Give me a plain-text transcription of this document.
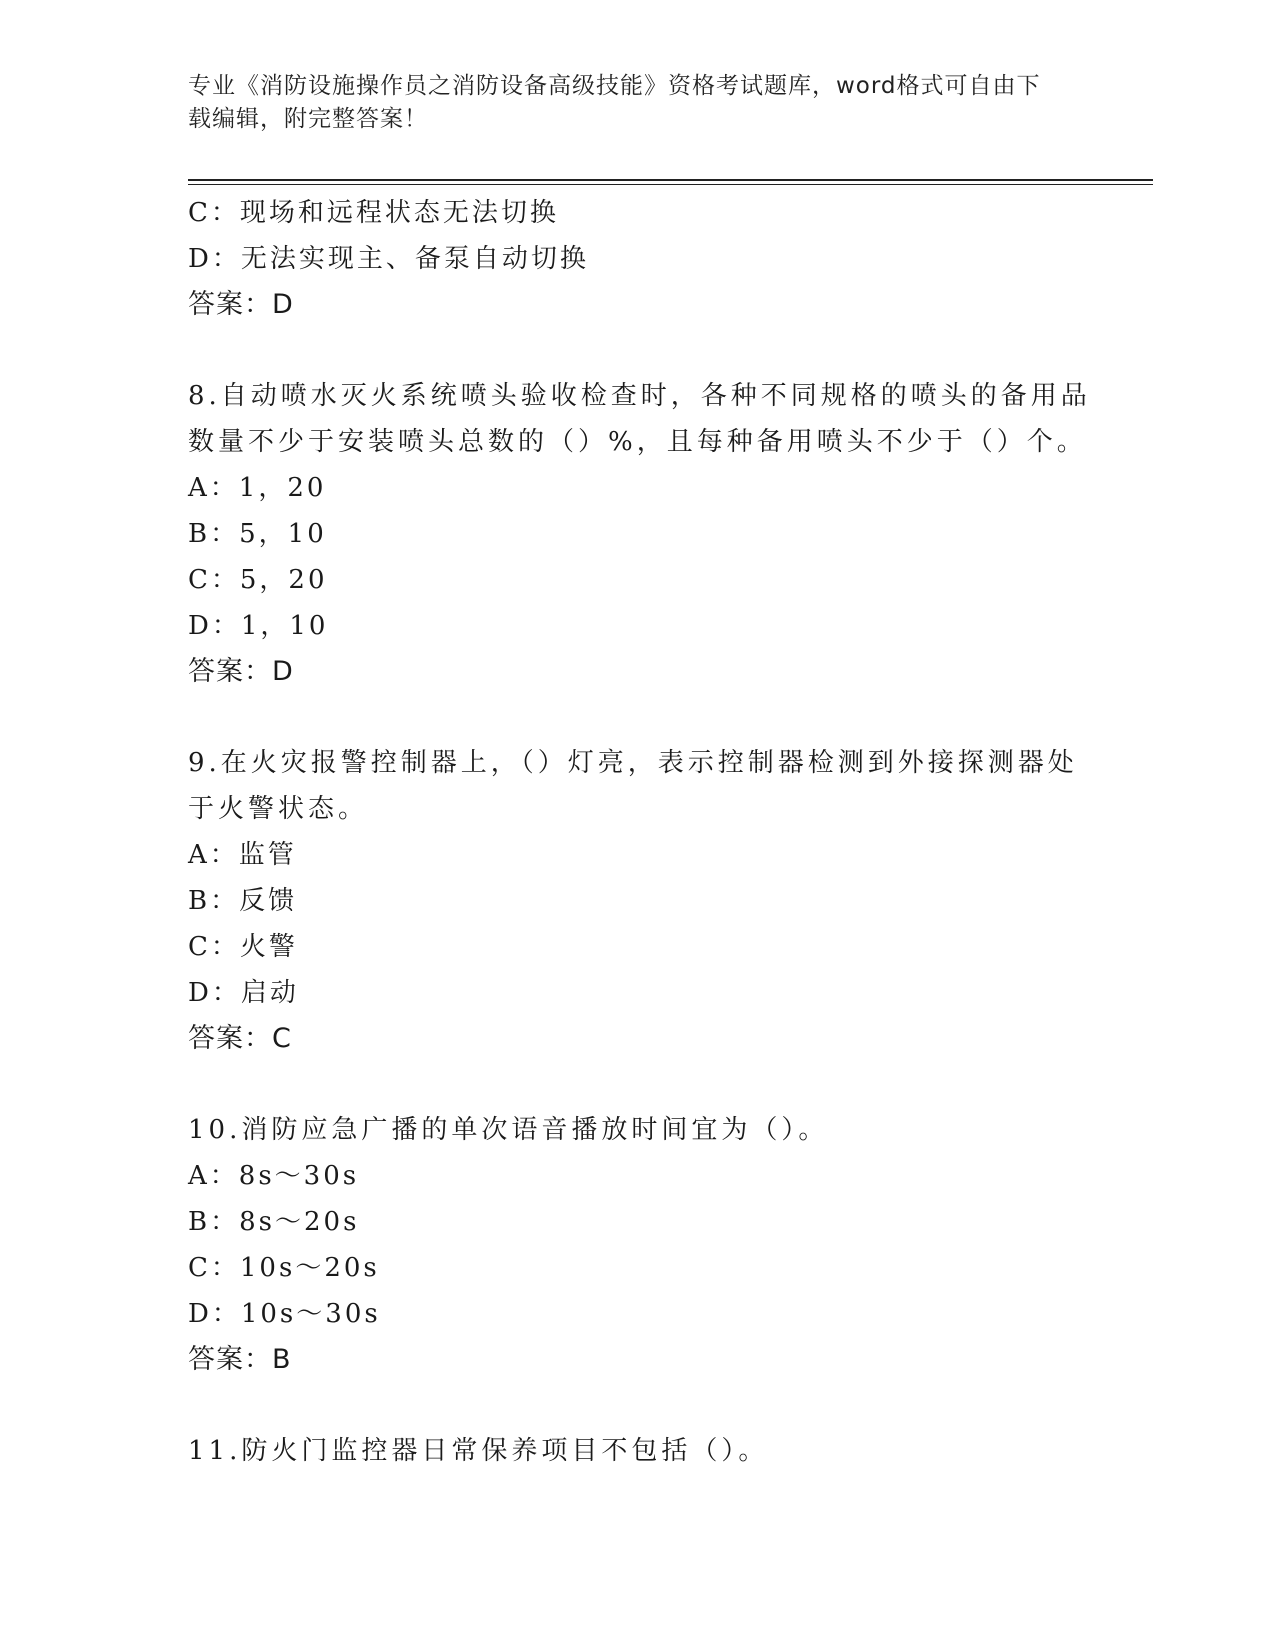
专业《消防设施操作员之消防设备高级技能》资格考试题库，word格式可自由下
载编辑，附完整答案！
C：现场和远程状态无法切换
D：无法实现主、备泵自动切换
答案：D
8.自动喷水灭火系统喷头验收检查时，各种不同规格的喷头的备用品
数量不少于安装喷头总数的（）%，且每种备用喷头不少于（）个。
A：1，20
B：5，10
C：5，20
D：1，10
答案：D
9.在火灾报警控制器上，（）灯亮，表示控制器检测到外接探测器处
于火警状态。
A：监管
B：反馈
C：火警
D：启动
答案：C
10.消防应急广播的单次语音播放时间宜为（）。
A：8s～30s
B：8s～20s
C：10s～20s
D：10s～30s
答案：B
11.防火门监控器日常保养项目不包括（）。
